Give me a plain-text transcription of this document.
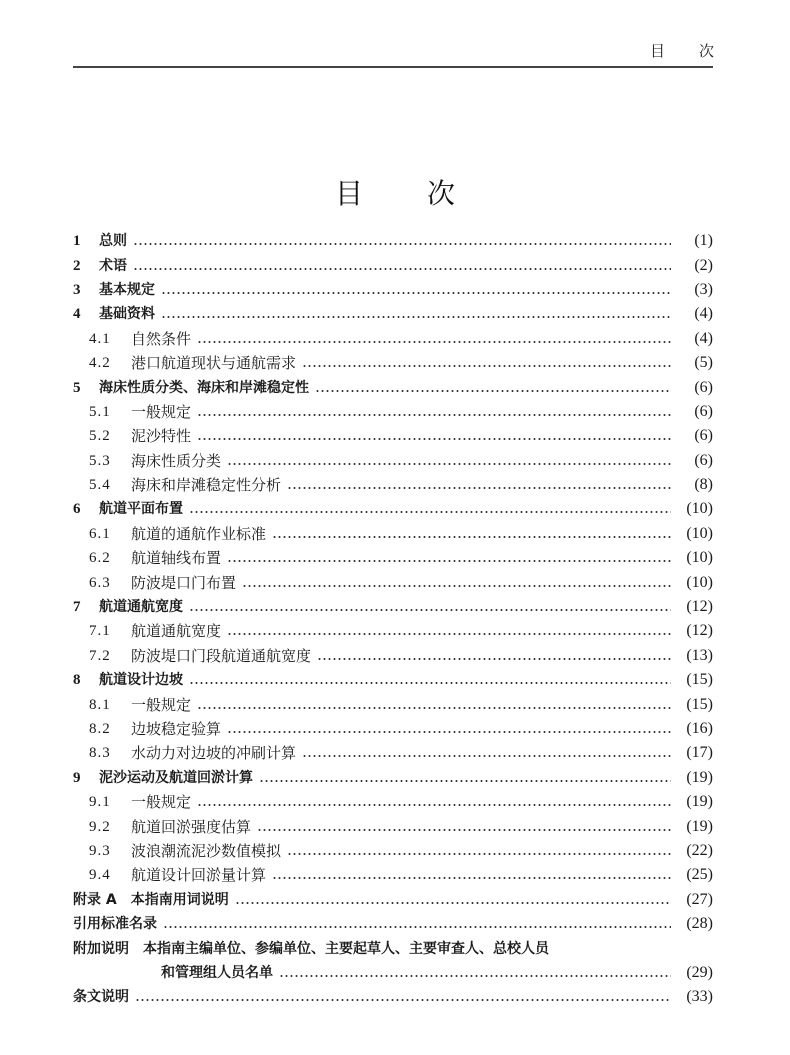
目 次
目 次
1	总则	(1)
2	术语	(2)
3	基本规定	(3)
4	基础资料	(4)
4.1	自然条件	(4)
4.2	港口航道现状与通航需求	(5)
5	海床性质分类、海床和岸滩稳定性	(6)
5.1	一般规定	(6)
5.2	泥沙特性	(6)
5.3	海床性质分类	(6)
5.4	海床和岸滩稳定性分析	(8)
6	航道平面布置	(10)
6.1	航道的通航作业标准	(10)
6.2	航道轴线布置	(10)
6.3	防波堤口门布置	(10)
7	航道通航宽度	(12)
7.1	航道通航宽度	(12)
7.2	防波堤口门段航道通航宽度	(13)
8	航道设计边坡	(15)
8.1	一般规定	(15)
8.2	边坡稳定验算	(16)
8.3	水动力对边坡的冲刷计算	(17)
9	泥沙运动及航道回淤计算	(19)
9.1	一般规定	(19)
9.2	航道回淤强度估算	(19)
9.3	波浪潮流泥沙数值模拟	(22)
9.4	航道设计回淤量计算	(25)
附录 A 本指南用词说明	(27)
引用标准名录	(28)
附加说明 本指南主编单位、参编单位、主要起草人、主要审查人、总校人员
和管理组人员名单	(29)
条文说明	(33)
